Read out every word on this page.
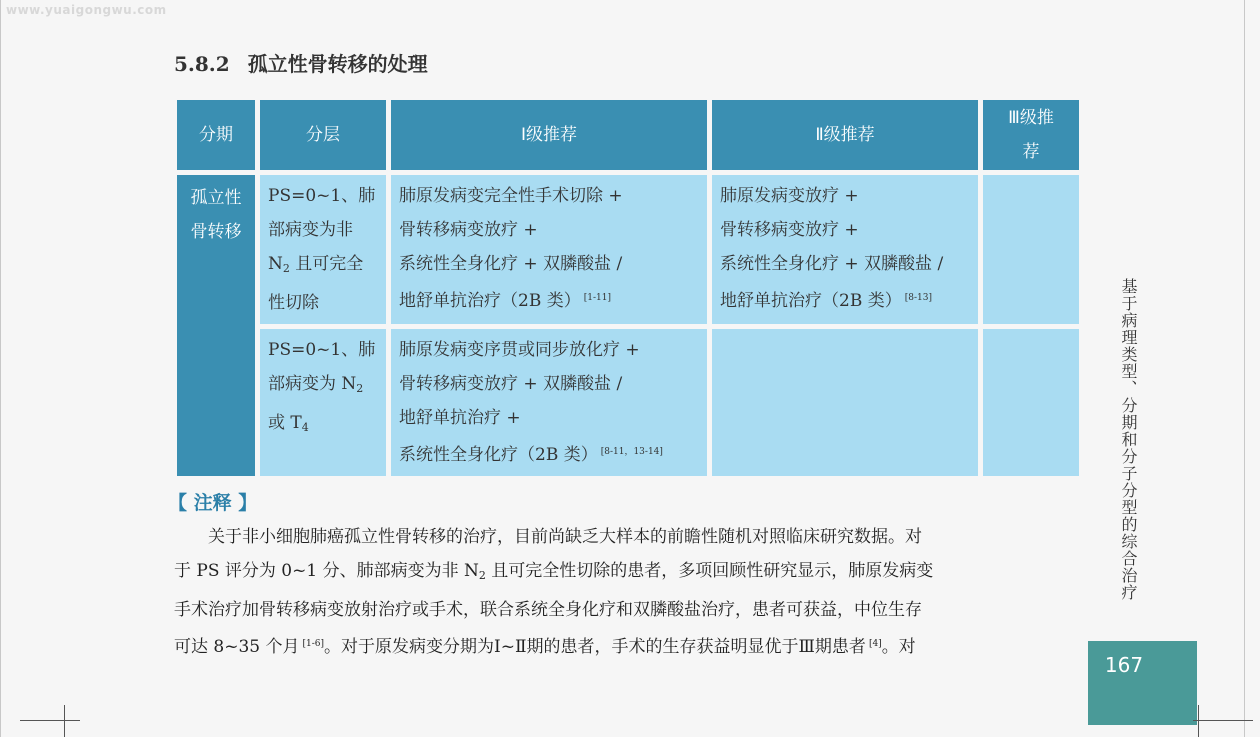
www.yuaigongwu.com
5.8.2 孤立性骨转移的处理
分期	分层	Ⅰ级推荐	Ⅱ级推荐	Ⅲ级推
荐

孤立性
骨转移	PS=0~1、肺
部病变为非
$N_2$ 且可完全
性切除	肺原发病变完全性手术切除 +
骨转移病变放疗 +
系统性全身化疗 + 双膦酸盐 /
地舒单抗治疗（2B 类） [1-11]	肺原发病变放疗 +
骨转移病变放疗 +
系统性全身化疗 + 双膦酸盐 /
地舒单抗治疗（2B 类） [8-13]

	PS=0~1、肺
部病变为 $N_2$
或 $T_4$	肺原发病变序贯或同步放化疗 +
骨转移病变放疗 + 双膦酸盐 /
地舒单抗治疗 +
系统性全身化疗（2B 类） [8-11，13-14]

【 注释 】
关于非小细胞肺癌孤立性骨转移的治疗，目前尚缺乏大样本的前瞻性随机对照临床研究数据。对
于 PS 评分为 0~1 分、肺部病变为非 $N_2$ 且可完全性切除的患者，多项回顾性研究显示，肺原发病变
手术治疗加骨转移病变放射治疗或手术，联合系统全身化疗和双膦酸盐治疗，患者可获益，中位生存
可达 8~35 个月 [1-6]。对于原发病变分期为Ⅰ~Ⅱ期的患者，手术的生存获益明显优于Ⅲ期患者 [4]。对
基于病理类型、分期和分子分型的综合治疗
167
